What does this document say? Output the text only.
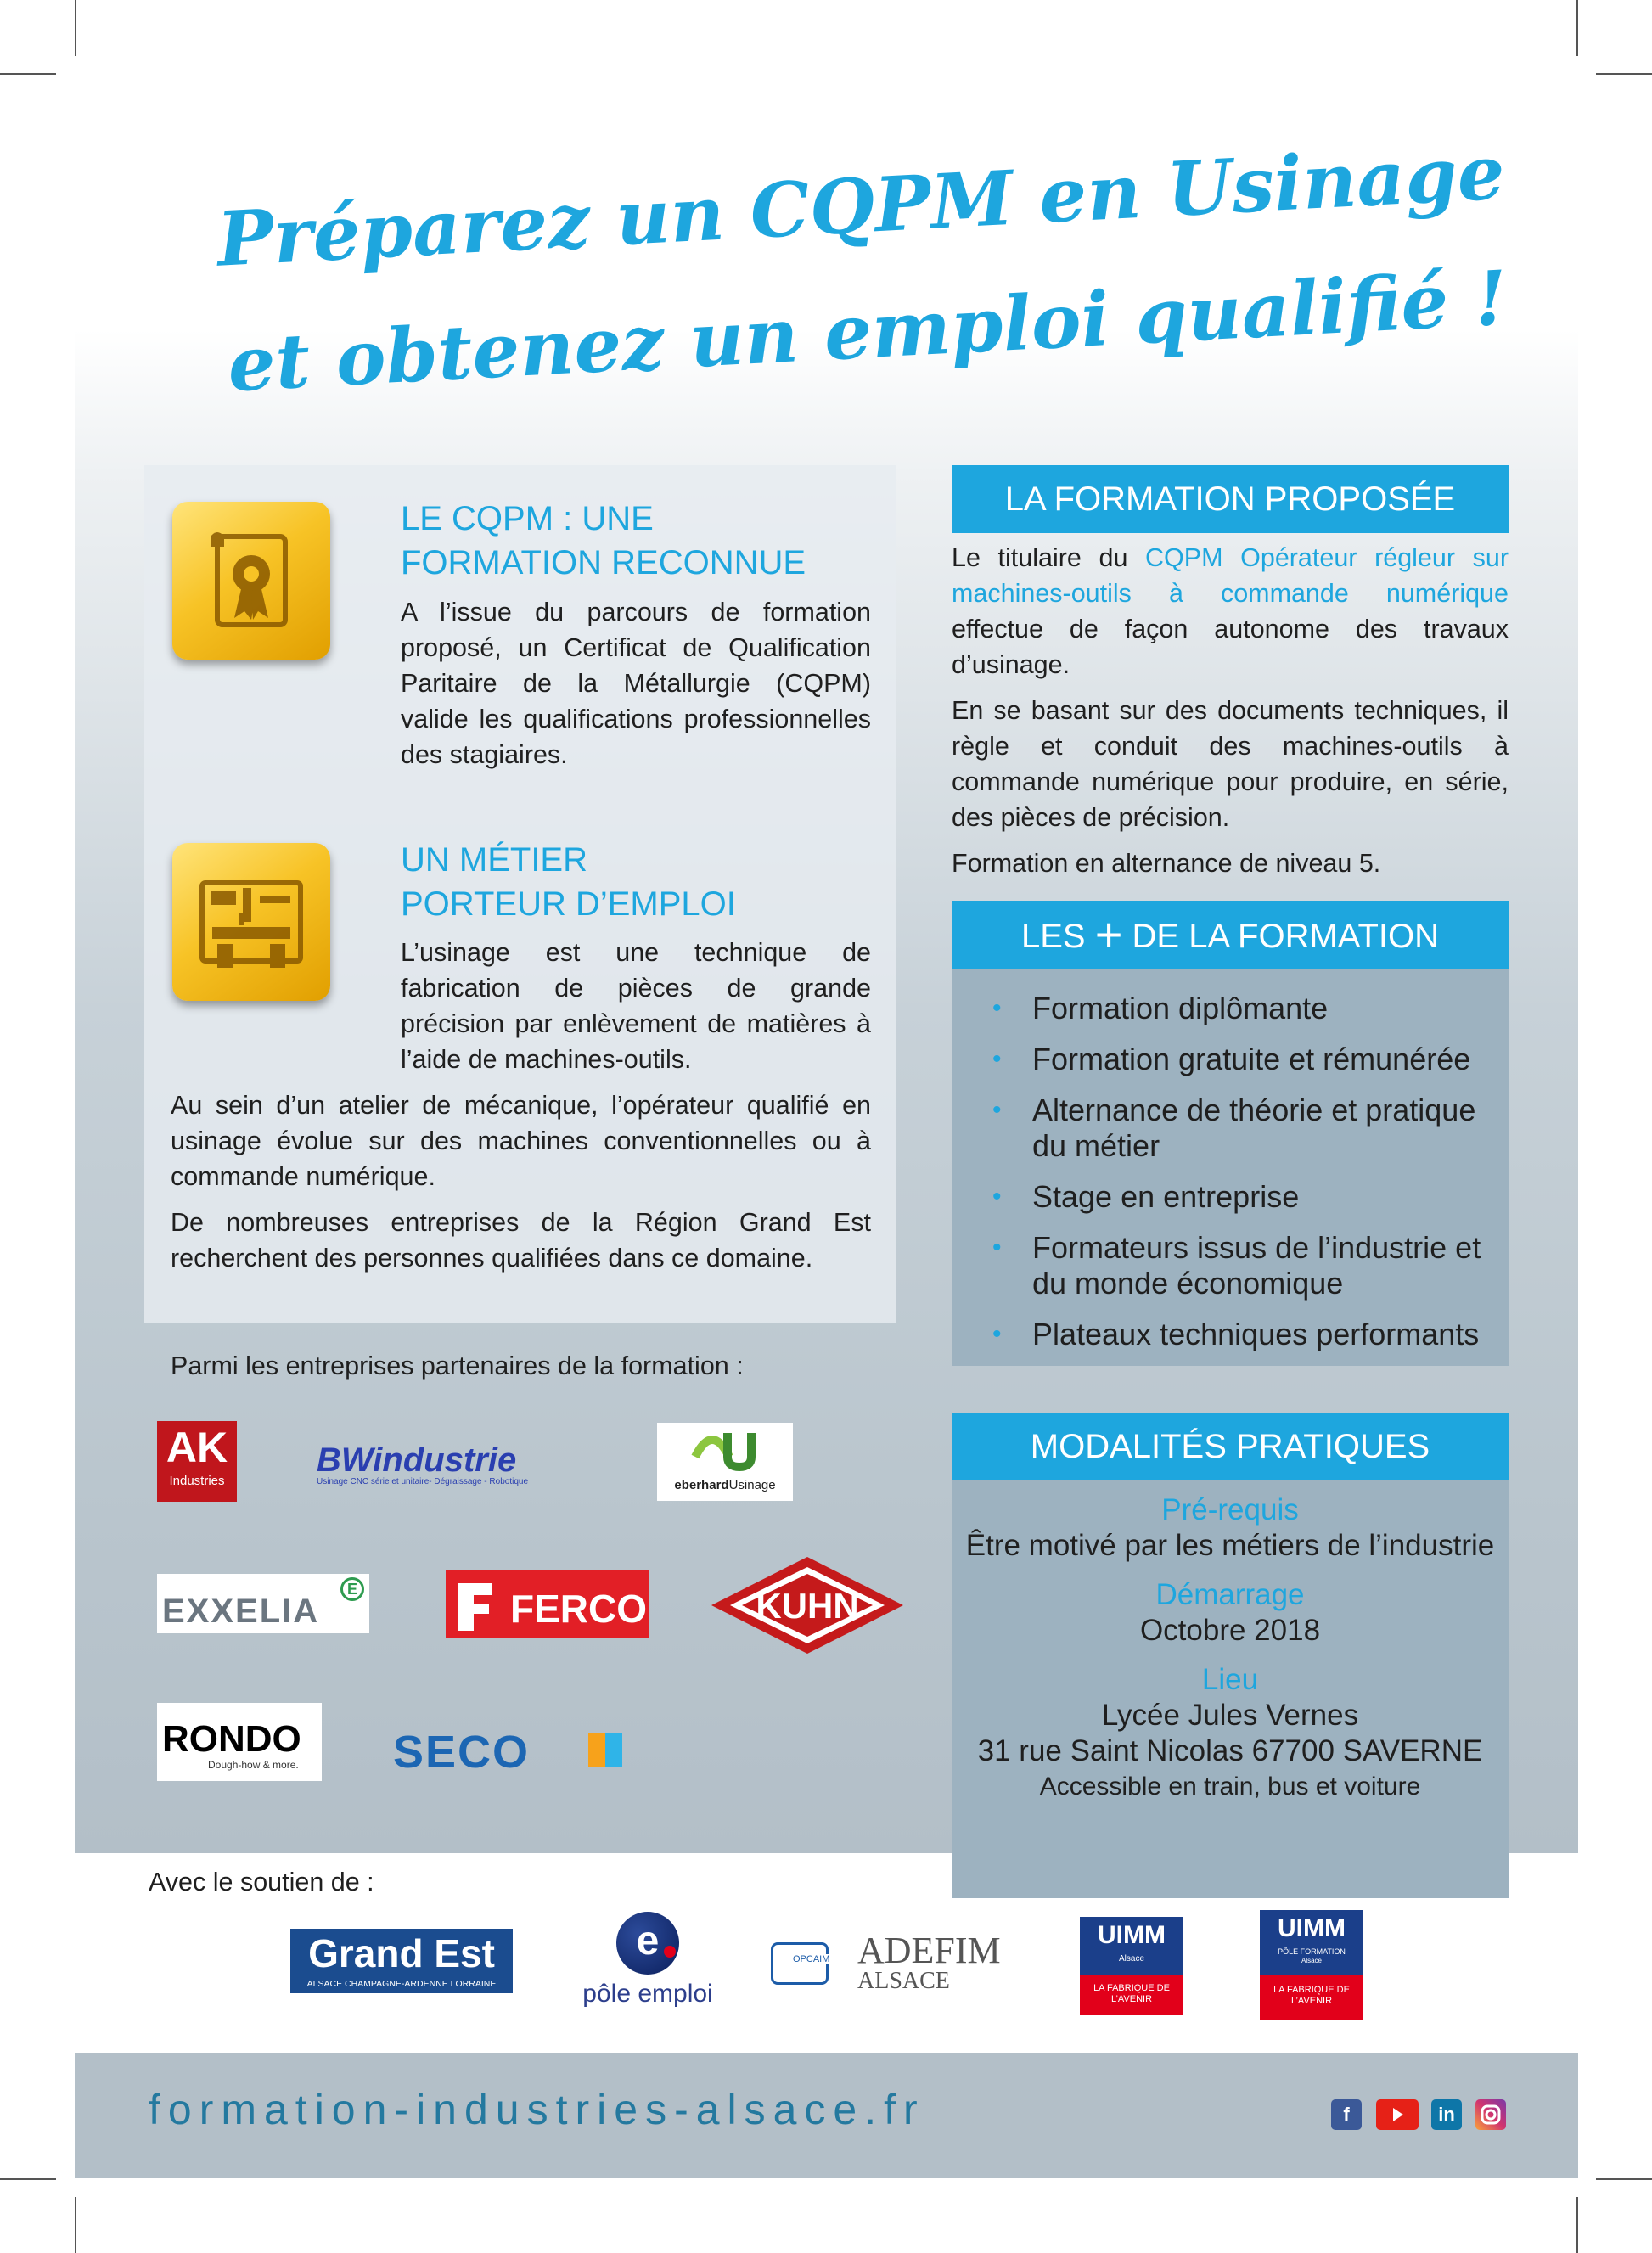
Préparez un CQPM en Usinage
et obtenez un emploi qualifié !
LE CQPM : UNE
FORMATION RECONNUE

A l’issue du parcours de formation proposé, un Certificat de Qualification Paritaire de la Métallurgie (CQPM) valide les qualifications professionnelles des stagiaires.

UN MÉTIER
PORTEUR D’EMPLOI

L’usinage est une technique de fabrication de pièces de grande précision par enlèvement de matières à l’aide de machines-outils.

Au sein d’un atelier de mécanique, l’opérateur qualifié en usinage évolue sur des machines conventionnelles ou à commande numérique.

De nombreuses entreprises de la Région Grand Est recherchent des personnes qualifiées dans ce domaine.

LA FORMATION PROPOSÉE

Le titulaire du CQPM Opérateur régleur sur machines-outils à commande numérique effectue de façon autonome des travaux d’usinage.

En se basant sur des documents techniques, il règle et conduit des machines-outils à commande numérique pour produire, en série, des pièces de précision.

Formation en alternance de niveau 5.

LES + DE LA FORMATION
• Formation diplômante
• Formation gratuite et rémunérée
• Alternance de théorie et pratique du métier
• Stage en entreprise
• Formateurs issus de l’industrie et du monde économique
• Plateaux techniques performants
MODALITÉS PRATIQUES
Pré-requis
Être motivé par les métiers de l’industrie
Démarrage
Octobre 2018
Lieu
Lycée Jules Vernes
31 rue Saint Nicolas 67700 SAVERNE
Accessible en train, bus et voiture
Parmi les entreprises partenaires de la formation :
AK
Industries
BWindustrie
Usinage CNC série et unitaire- Dégraissage - Robotique	eberhardUsinage
EXXELIA
E	FERCO	KUHN
RONDO
Dough-how & more. SECO
Avec le soutien de :
Grand Est
ALSACE CHAMPAGNE-ARDENNE LORRAINE
e
pôle emploi
OPCAIM ADEFIM
ALSACE
UIMM
Alsace
LA FABRIQUE DE L’AVENIR
UIMM
PÔLE FORMATION
Alsace
LA FABRIQUE DE L’AVENIR
formation-industries-alsace.fr	f	in
